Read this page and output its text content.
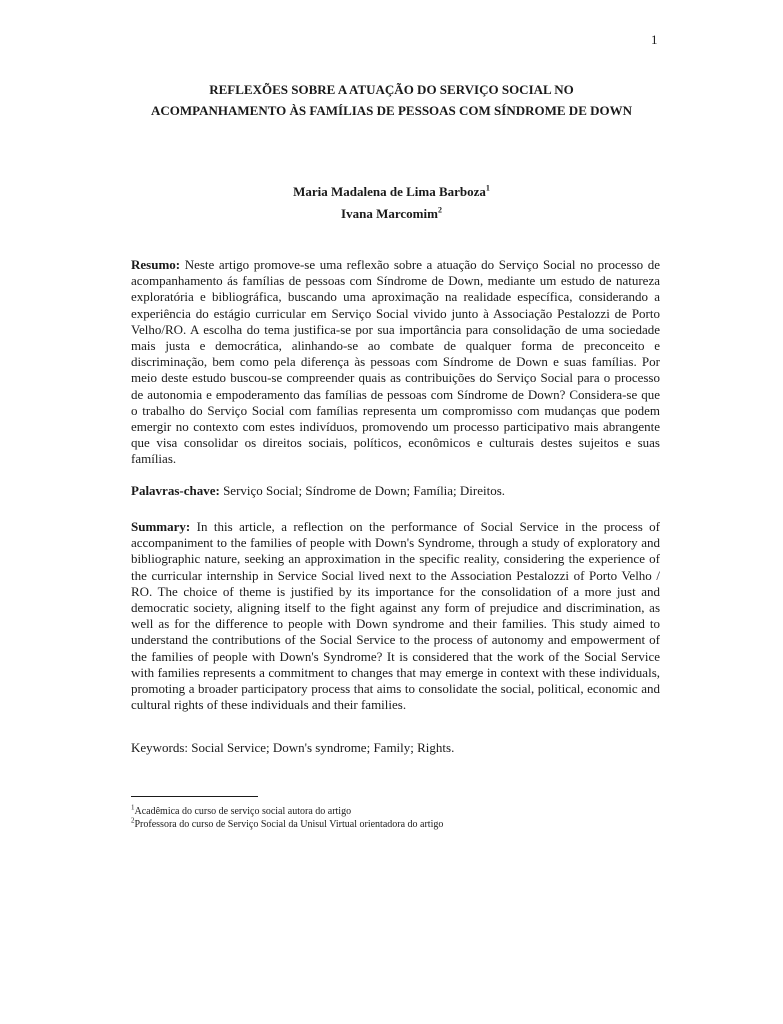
1
REFLEXÕES SOBRE A ATUAÇÃO DO SERVIÇO SOCIAL NO
ACOMPANHAMENTO ÀS FAMÍLIAS DE PESSOAS COM SÍNDROME DE DOWN
Maria Madalena de Lima Barboza$^1$
Ivana Marcomim$^2$
Resumo: Neste artigo promove-se uma reflexão sobre a atuação do Serviço Social no processo de acompanhamento ás famílias de pessoas com Síndrome de Down, mediante um estudo de natureza exploratória e bibliográfica, buscando uma aproximação na realidade específica, considerando a experiência do estágio curricular em Serviço Social vivido junto à Associação Pestalozzi de Porto Velho/RO. A escolha do tema justifica-se por sua importância para consolidação de uma sociedade mais justa e democrática, alinhando-se ao combate de qualquer forma de preconceito e discriminação, bem como pela diferença às pessoas com Síndrome de Down e suas famílias. Por meio deste estudo buscou-se compreender quais as contribuições do Serviço Social para o processo de autonomia e empoderamento das famílias de pessoas com Síndrome de Down? Considera-se que o trabalho do Serviço Social com famílias representa um compromisso com mudanças que podem emergir no contexto com estes indivíduos, promovendo um processo participativo mais abrangente que visa consolidar os direitos sociais, políticos, econômicos e culturais destes sujeitos e suas famílias.
Palavras-chave: Serviço Social; Síndrome de Down; Família; Direitos.
Summary: In this article, a reflection on the performance of Social Service in the process of accompaniment to the families of people with Down's Syndrome, through a study of exploratory and bibliographic nature, seeking an approximation in the specific reality, considering the experience of the curricular internship in Service Social lived next to the Association Pestalozzi of Porto Velho / RO. The choice of theme is justified by its importance for the consolidation of a more just and democratic society, aligning itself to the fight against any form of prejudice and discrimination, as well as for the difference to people with Down syndrome and their families. This study aimed to understand the contributions of the Social Service to the process of autonomy and empowerment of the families of people with Down's Syndrome? It is considered that the work of the Social Service with families represents a commitment to changes that may emerge in context with these individuals, promoting a broader participatory process that aims to consolidate the social, political, economic and cultural rights of these individuals and their families.
Keywords: Social Service; Down's syndrome; Family; Rights.
$^1$Acadêmica do curso de serviço social autora do artigo
$^2$Professora do curso de Serviço Social da Unisul Virtual orientadora do artigo
